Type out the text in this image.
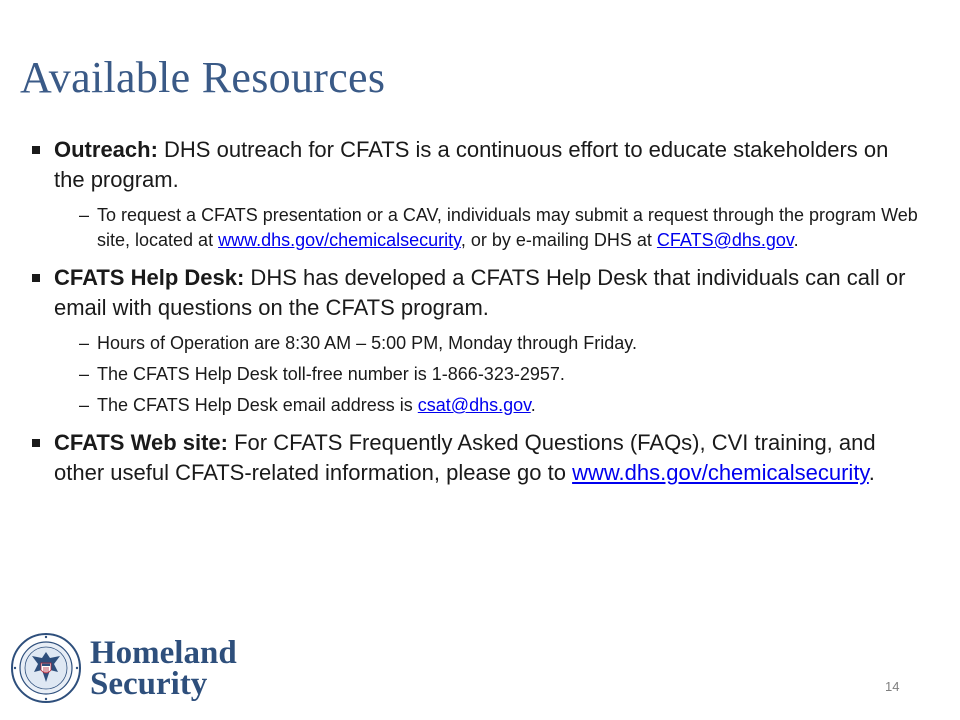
Available Resources
Outreach: DHS outreach for CFATS is a continuous effort to educate stakeholders on the program.
– To request a CFATS presentation or a CAV, individuals may submit a request through the program Web site, located at www.dhs.gov/chemicalsecurity, or by e-mailing DHS at CFATS@dhs.gov.
CFATS Help Desk: DHS has developed a CFATS Help Desk that individuals can call or email with questions on the CFATS program.
– Hours of Operation are 8:30 AM – 5:00 PM, Monday through Friday.
– The CFATS Help Desk toll-free number is 1-866-323-2957.
– The CFATS Help Desk email address is csat@dhs.gov.
CFATS Web site: For CFATS Frequently Asked Questions (FAQs), CVI training, and other useful CFATS-related information, please go to www.dhs.gov/chemicalsecurity.
Homeland
Security	14
